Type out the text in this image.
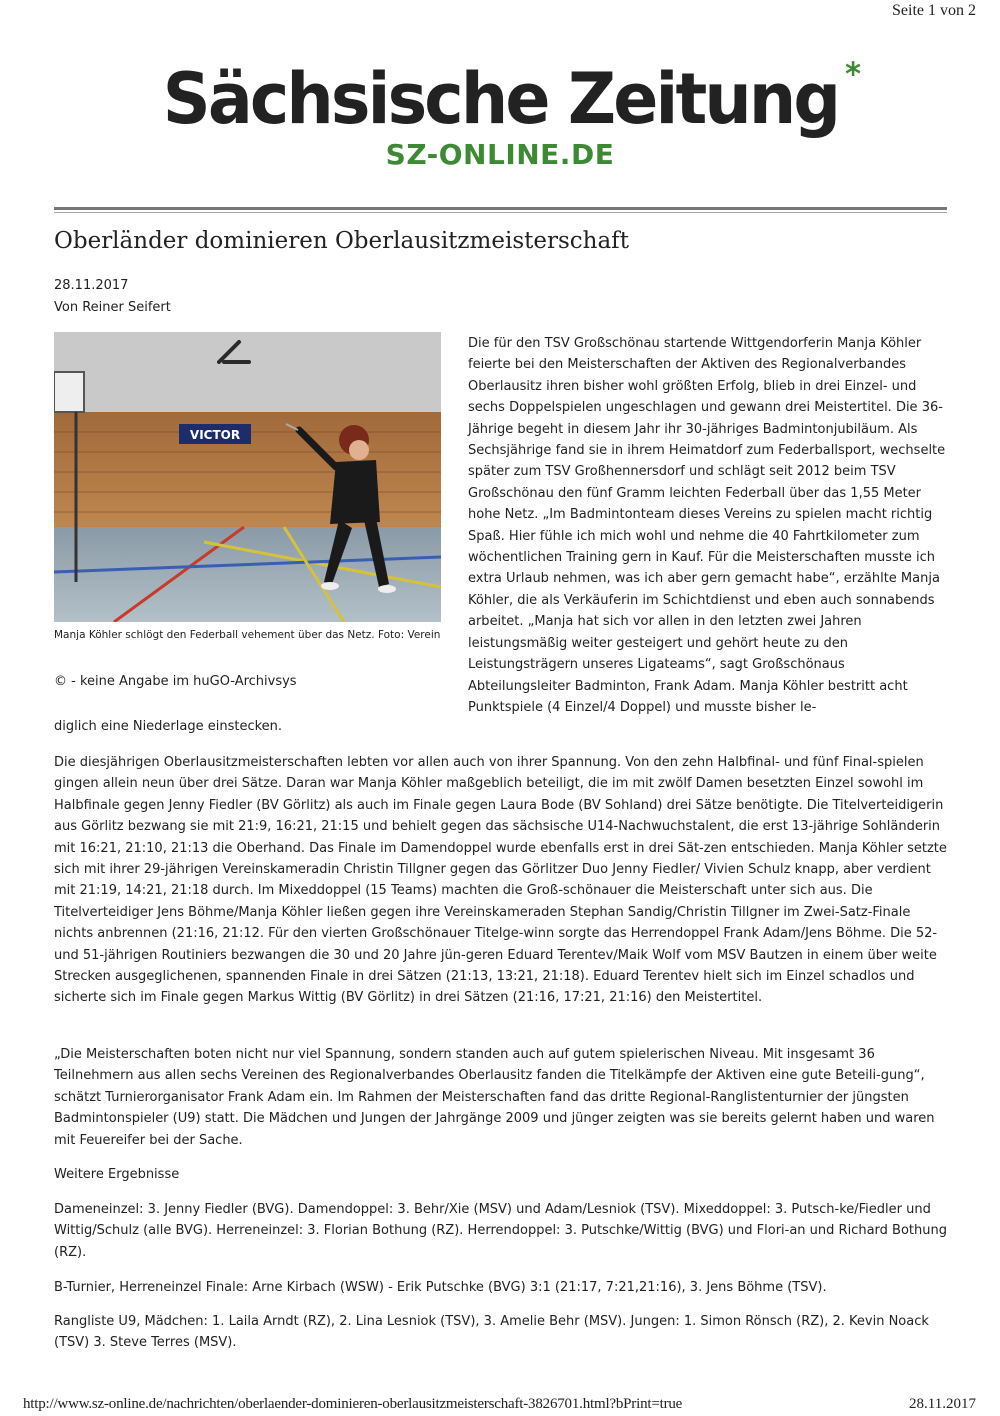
Seite 1 von 2
Sächsische Zeitung *
SZ-ONLINE.DE
Oberländer dominieren Oberlausitzmeisterschaft
28.11.2017
Von Reiner Seifert
VICTOR
Manja Köhler schlögt den Federball vehement über das Netz. Foto: Verein
© - keine Angabe im huGO-Archivsys

Die für den TSV Großschönau startende Wittgendorferin Manja Köhler feierte bei den Meisterschaften der Aktiven des Regionalverbandes Oberlausitz ihren bisher wohl größten Erfolg, blieb in drei Einzel- und sechs Doppelspielen ungeschlagen und gewann drei Meistertitel. Die 36-Jährige begeht in diesem Jahr ihr 30-jähriges Badmintonjubiläum. Als Sechsjährige fand sie in ihrem Heimatdorf zum Federballsport, wechselte später zum TSV Großhennersdorf und schlägt seit 2012 beim TSV Großschönau den fünf Gramm leichten Federball über das 1,55 Meter hohe Netz. „Im Badmintonteam dieses Vereins zu spielen macht richtig Spaß. Hier fühle ich mich wohl und nehme die 40 Fahrtkilometer zum wöchentlichen Training gern in Kauf. Für die Meisterschaften musste ich extra Urlaub nehmen, was ich aber gern gemacht habe“, erzählte Manja Köhler, die als Verkäuferin im Schichtdienst und eben auch sonnabends arbeitet. „Manja hat sich vor allen in den letzten zwei Jahren leistungsmäßig weiter gesteigert und gehört heute zu den Leistungsträgern unseres Ligateams“, sagt Großschönaus Abteilungsleiter Badminton, Frank Adam. Manja Köhler bestritt acht Punktspiele (4 Einzel/4 Doppel) und musste bisher le-

diglich eine Niederlage einstecken.

Die diesjährigen Oberlausitzmeisterschaften lebten vor allen auch von ihrer Spannung. Von den zehn Halbfinal- und fünf Final-spielen gingen allein neun über drei Sätze. Daran war Manja Köhler maßgeblich beteiligt, die im mit zwölf Damen besetzten Einzel sowohl im Halbfinale gegen Jenny Fiedler (BV Görlitz) als auch im Finale gegen Laura Bode (BV Sohland) drei Sätze benötigte. Die Titelverteidigerin aus Görlitz bezwang sie mit 21:9, 16:21, 21:15 und behielt gegen das sächsische U14-Nachwuchstalent, die erst 13-jährige Sohländerin mit 16:21, 21:10, 21:13 die Oberhand. Das Finale im Damendoppel wurde ebenfalls erst in drei Sät-zen entschieden. Manja Köhler setzte sich mit ihrer 29-jährigen Vereinskameradin Christin Tillgner gegen das Görlitzer Duo Jenny Fiedler/ Vivien Schulz knapp, aber verdient mit 21:19, 14:21, 21:18 durch. Im Mixeddoppel (15 Teams) machten die Groß-schönauer die Meisterschaft unter sich aus. Die Titelverteidiger Jens Böhme/Manja Köhler ließen gegen ihre Vereinskameraden Stephan Sandig/Christin Tillgner im Zwei-Satz-Finale nichts anbrennen (21:16, 21:12. Für den vierten Großschönauer Titelge-winn sorgte das Herrendoppel Frank Adam/Jens Böhme. Die 52- und 51-jährigen Routiniers bezwangen die 30 und 20 Jahre jün-geren Eduard Terentev/Maik Wolf vom MSV Bautzen in einem über weite Strecken ausgeglichenen, spannenden Finale in drei Sätzen (21:13, 13:21, 21:18). Eduard Terentev hielt sich im Einzel schadlos und sicherte sich im Finale gegen Markus Wittig (BV Görlitz) in drei Sätzen (21:16, 17:21, 21:16) den Meistertitel.

„Die Meisterschaften boten nicht nur viel Spannung, sondern standen auch auf gutem spielerischen Niveau. Mit insgesamt 36 Teilnehmern aus allen sechs Vereinen des Regionalverbandes Oberlausitz fanden die Titelkämpfe der Aktiven eine gute Beteili-gung“, schätzt Turnierorganisator Frank Adam ein. Im Rahmen der Meisterschaften fand das dritte Regional-Ranglistenturnier der jüngsten Badmintonspieler (U9) statt. Die Mädchen und Jungen der Jahrgänge 2009 und jünger zeigten was sie bereits gelernt haben und waren mit Feuereifer bei der Sache.

Weitere Ergebnisse

Dameneinzel: 3. Jenny Fiedler (BVG). Damendoppel: 3. Behr/Xie (MSV) und Adam/Lesniok (TSV). Mixeddoppel: 3. Putsch-ke/Fiedler und Wittig/Schulz (alle BVG). Herreneinzel: 3. Florian Bothung (RZ). Herrendoppel: 3. Putschke/Wittig (BVG) und Flori-an und Richard Bothung (RZ).

B-Turnier, Herreneinzel Finale: Arne Kirbach (WSW) - Erik Putschke (BVG) 3:1 (21:17, 7:21,21:16), 3. Jens Böhme (TSV).

Rangliste U9, Mädchen: 1. Laila Arndt (RZ), 2. Lina Lesniok (TSV), 3. Amelie Behr (MSV). Jungen: 1. Simon Rönsch (RZ), 2. Kevin Noack (TSV) 3. Steve Terres (MSV).

http://www.sz-online.de/nachrichten/oberlaender-dominieren-oberlausitzmeisterschaft-3826701.html?bPrint=true	28.11.2017
